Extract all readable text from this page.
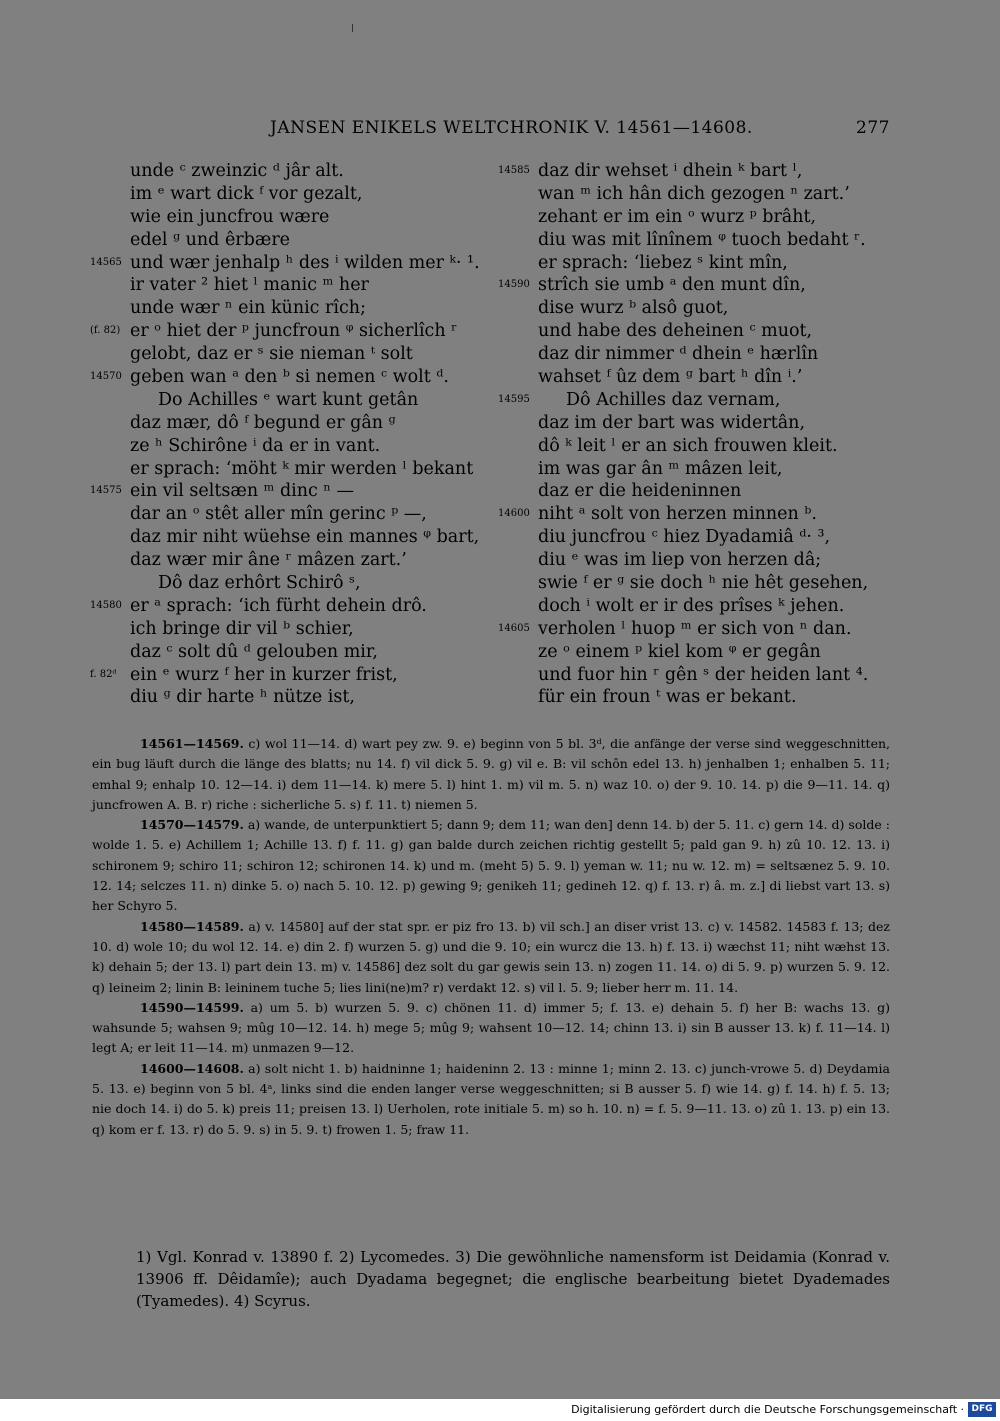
JANSEN ENIKELS WELTCHRONIK V. 14561—14608.	277
unde ᶜ zweinzic ᵈ jâr alt.
im ᵉ wart dick ᶠ vor gezalt,
wie ein juncfrou wære
edel ᵍ und êrbære
14565 und wær jenhalp ʰ des ⁱ wilden mer ᵏ· ¹.
ir vater ² hiet ˡ manic ᵐ her
unde wær ⁿ ein künic rîch;
(f. 82) er ᵒ hiet der ᵖ juncfroun ᵠ sicherlîch ʳ
gelobt, daz er ˢ sie nieman ᵗ solt
14570 geben wan ᵃ den ᵇ si nemen ᶜ wolt ᵈ.
Do Achilles ᵉ wart kunt getân
daz mær, dô ᶠ begund er gân ᵍ
ze ʰ Schirône ⁱ da er in vant.
er sprach: ‘möht ᵏ mir werden ˡ bekant
14575 ein vil seltsæn ᵐ dinc ⁿ —
dar an ᵒ stêt aller mîn gerinc ᵖ —,
daz mir niht wüehse ein mannes ᵠ bart,
daz wær mir âne ʳ mâzen zart.’
Dô daz erhôrt Schirô ˢ,
14580 er ᵃ sprach: ‘ich fürht dehein drô.
ich bringe dir vil ᵇ schier,
daz ᶜ solt dû ᵈ gelouben mir,
f. 82ᵈ ein ᵉ wurz ᶠ her in kurzer frist,
diu ᵍ dir harte ʰ nütze ist,
14585 daz dir wehset ⁱ dhein ᵏ bart ˡ,
wan ᵐ ich hân dich gezogen ⁿ zart.’
zehant er im ein ᵒ wurz ᵖ brâht,
diu was mit lînînem ᵠ tuoch bedaht ʳ.
er sprach: ‘liebez ˢ kint mîn,
14590 strîch sie umb ᵃ den munt dîn,
dise wurz ᵇ alsô guot,
und habe des deheinen ᶜ muot,
daz dir nimmer ᵈ dhein ᵉ hærlîn
wahset ᶠ ûz dem ᵍ bart ʰ dîn ⁱ.’
14595	Dô Achilles daz vernam,
daz im der bart was widertân,
dô ᵏ leit ˡ er an sich frouwen kleit.
im was gar ân ᵐ mâzen leit,
daz er die heideninnen
14600 niht ᵃ solt von herzen minnen ᵇ.
diu juncfrou ᶜ hiez Dyadamiâ ᵈ· ³,
diu ᵉ was im liep von herzen dâ;
swie ᶠ er ᵍ sie doch ʰ nie hêt gesehen,
doch ⁱ wolt er ir des prîses ᵏ jehen.
14605 verholen ˡ huop ᵐ er sich von ⁿ dan.
ze ᵒ einem ᵖ kiel kom ᵠ er gegân
und fuor hin ʳ gên ˢ der heiden lant ⁴.
für ein froun ᵗ was er bekant.

14561—14569. c) wol 11—14. d) wart pey zw. 9. e) beginn von 5 bl. 3ᵈ, die anfänge der verse sind weggeschnitten, ein bug läuft durch die länge des blatts; nu 14. f) vil dick 5. 9. g) vil e. B: vil schôn edel 13. h) jenhalben 1; enhalben 5. 11; emhal 9; enhalp 10. 12—14. i) dem 11—14. k) mere 5. l) hint 1. m) vil m. 5. n) waz 10. o) der 9. 10. 14. p) die 9—11. 14. q) juncfrowen A. B. r) riche : sicherliche 5. s) f. 11. t) niemen 5.

14570—14579. a) wande, de unterpunktiert 5; dann 9; dem 11; wan den] denn 14. b) der 5. 11. c) gern 14. d) solde : wolde 1. 5. e) Achillem 1; Achille 13. f) f. 11. g) gan balde durch zeichen richtig gestellt 5; pald gan 9. h) zû 10. 12. 13. i) schironem 9; schiro 11; schiron 12; schironen 14. k) und m. (meht 5) 5. 9. l) yeman w. 11; nu w. 12. m) = seltsænez 5. 9. 10. 12. 14; selczes 11. n) dinke 5. o) nach 5. 10. 12. p) gewing 9; genikeh 11; gedineh 12. q) f. 13. r) â. m. z.] di liebst vart 13. s) her Schyro 5.

14580—14589. a) v. 14580] auf der stat spr. er piz fro 13. b) vil sch.] an diser vrist 13. c) v. 14582. 14583 f. 13; dez 10. d) wole 10; du wol 12. 14. e) din 2. f) wurzen 5. g) und die 9. 10; ein wurcz die 13. h) f. 13. i) wæchst 11; niht wæhst 13. k) dehain 5; der 13. l) part dein 13. m) v. 14586] dez solt du gar gewis sein 13. n) zogen 11. 14. o) di 5. 9. p) wurzen 5. 9. 12. q) leineim 2; linin B: leininem tuche 5; lies lini(ne)m? r) verdakt 12. s) vil l. 5. 9; lieber herr m. 11. 14.

14590—14599. a) um 5. b) wurzen 5. 9. c) chönen 11. d) immer 5; f. 13. e) dehain 5. f) her B: wachs 13. g) wahsunde 5; wahsen 9; mûg 10—12. 14. h) mege 5; mûg 9; wahsent 10—12. 14; chinn 13. i) sin B ausser 13. k) f. 11—14. l) legt A; er leit 11—14. m) unmazen 9—12.

14600—14608. a) solt nicht 1. b) haidninne 1; haideninn 2. 13 : minne 1; minn 2. 13. c) junch-vrowe 5. d) Deydamia 5. 13. e) beginn von 5 bl. 4ᵃ, links sind die enden langer verse weggeschnitten; si B ausser 5. f) wie 14. g) f. 14. h) f. 5. 13; nie doch 14. i) do 5. k) preis 11; preisen 13. l) Uerholen, rote initiale 5. m) so h. 10. n) = f. 5. 9—11. 13. o) zû 1. 13. p) ein 13. q) kom er f. 13. r) do 5. 9. s) in 5. 9. t) frowen 1. 5; fraw 11.

1) Vgl. Konrad v. 13890 f. 2) Lycomedes. 3) Die gewöhnliche namensform ist Deidamia (Konrad v. 13906 ff. Dêidamîe); auch Dyadama begegnet; die englische bearbeitung bietet Dyademades (Tyamedes). 4) Scyrus.

Digitalisierung gefördert durch die Deutsche Forschungsgemeinschaft · DFG
